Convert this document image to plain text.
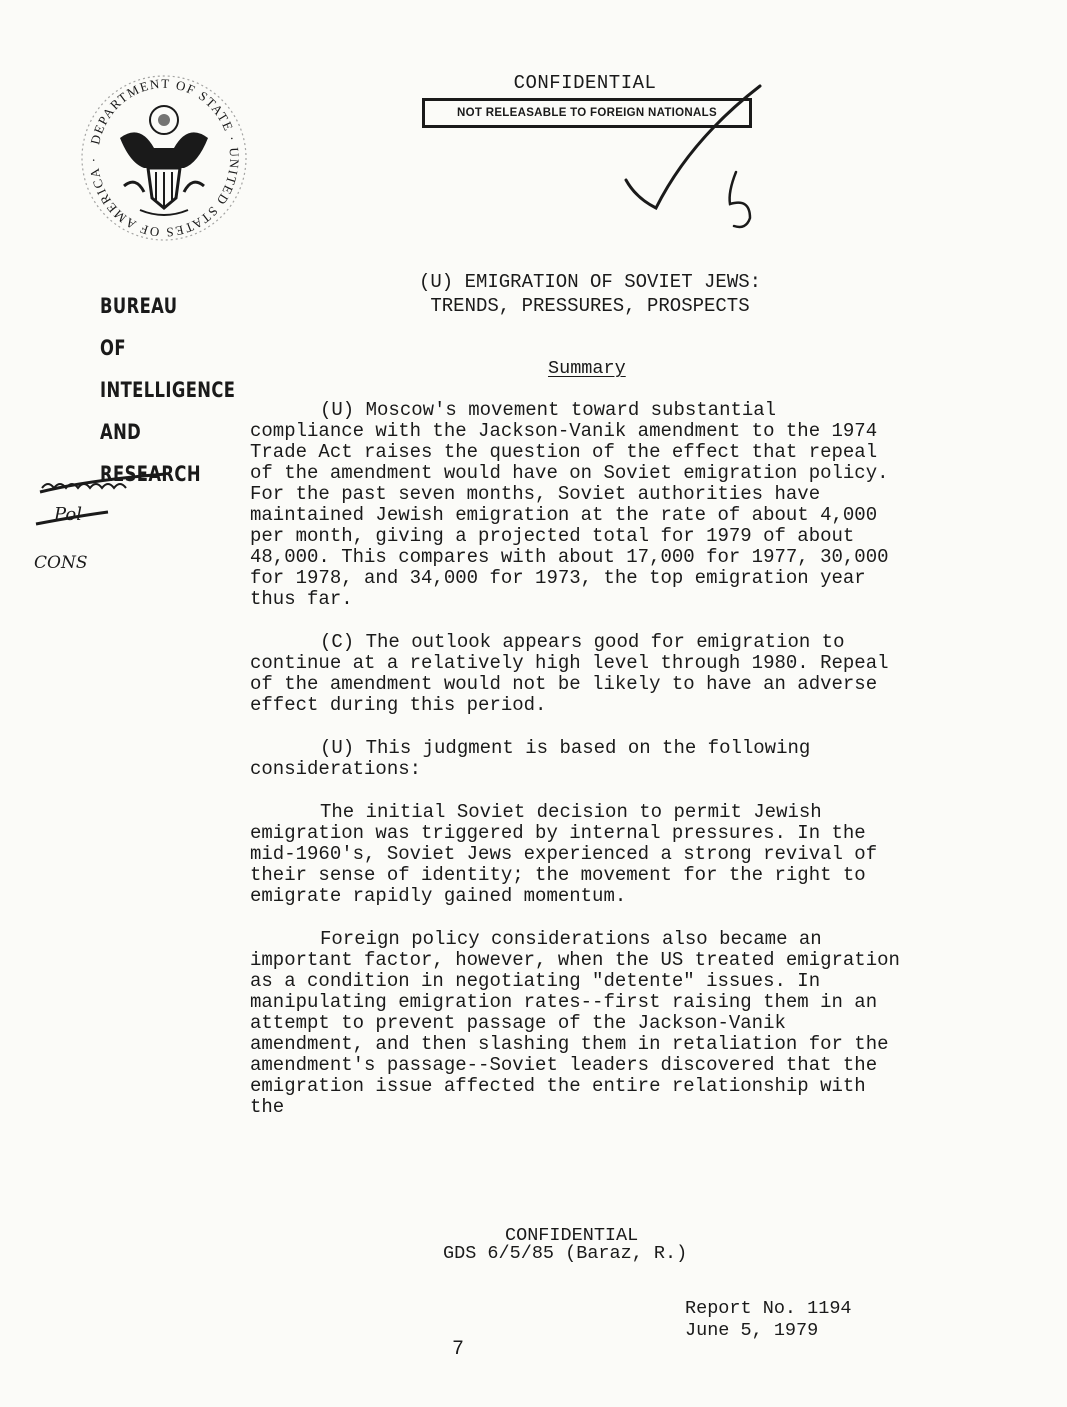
DEPARTMENT OF STATE · UNITED STATES OF AMERICA ·
CONFIDENTIAL
NOT RELEASABLE TO FOREIGN NATIONALS
BUREAU OF
INTELLIGENCE
AND RESEARCH
Pol
CONS
(U) EMIGRATION OF SOVIET JEWS:
TRENDS, PRESSURES, PROSPECTS
Summary

(U) Moscow's movement toward substantial compliance with the Jackson-Vanik amendment to the 1974 Trade Act raises the question of the effect that repeal of the amendment would have on Soviet emigration policy. For the past seven months, Soviet authorities have maintained Jewish emigration at the rate of about 4,000 per month, giving a projected total for 1979 of about 48,000. This compares with about 17,000 for 1977, 30,000 for 1978, and 34,000 for 1973, the top emigration year thus far.

(C) The outlook appears good for emigration to continue at a relatively high level through 1980. Repeal of the amendment would not be likely to have an adverse effect during this period.

(U) This judgment is based on the following considerations:

The initial Soviet decision to permit Jewish emigration was triggered by internal pressures. In the mid-1960's, Soviet Jews experienced a strong revival of their sense of identity; the movement for the right to emigrate rapidly gained momentum.

Foreign policy considerations also became an important factor, however, when the US treated emigration as a condition in negotiating "detente" issues. In manipulating emigration rates--first raising them in an attempt to prevent passage of the Jackson-Vanik amendment, and then slashing them in retaliation for the amendment's passage--Soviet leaders discovered that the emigration issue affected the entire relationship with the

CONFIDENTIAL
GDS 6/5/85 (Baraz, R.)
Report No. 1194
June 5, 1979
7
